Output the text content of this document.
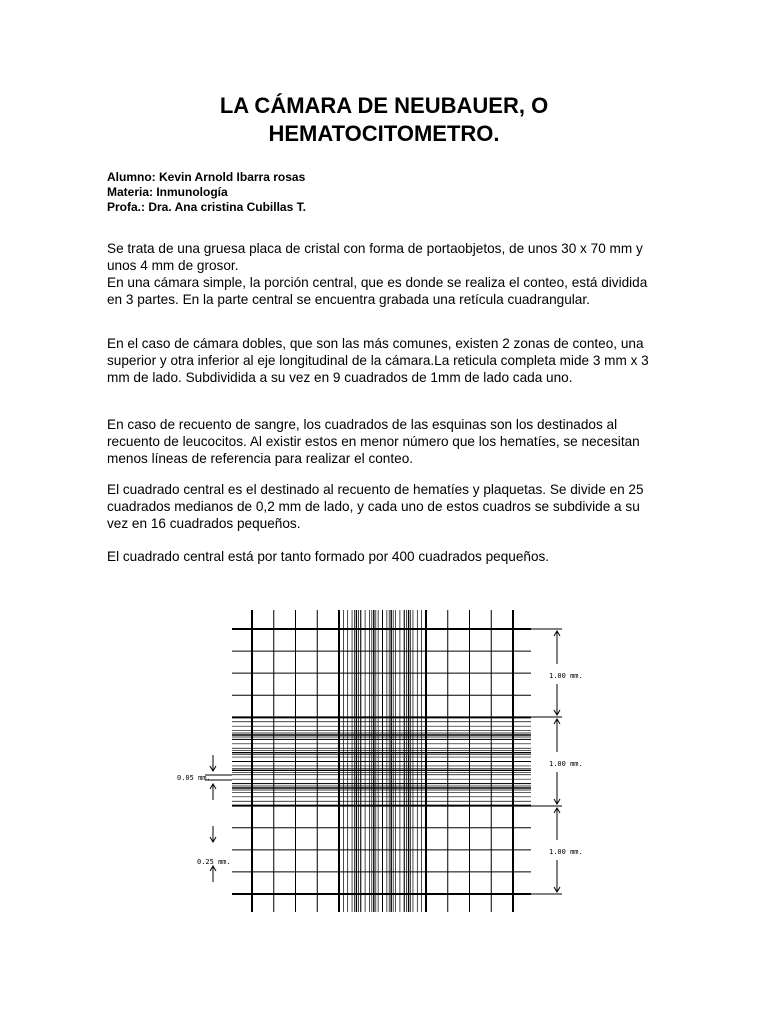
LA CÁMARA DE NEUBAUER, O
HEMATOCITOMETRO.
Alumno: Kevin Arnold Ibarra rosas
Materia: Inmunología
Profa.: Dra. Ana cristina Cubillas T.
Se trata de una gruesa placa de cristal con forma de portaobjetos, de unos 30 x 70 mm y
unos 4 mm de grosor.
En una cámara simple, la porción central, que es donde se realiza el conteo, está dividida
en 3 partes. En la parte central se encuentra grabada una retícula cuadrangular.
En el caso de cámara dobles, que son las más comunes, existen 2 zonas de conteo, una
superior y otra inferior al eje longitudinal de la cámara.La reticula completa mide 3 mm x 3
mm de lado. Subdividida a su vez en 9 cuadrados de 1mm de lado cada uno.
En caso de recuento de sangre, los cuadrados de las esquinas son los destinados al
recuento de leucocitos. Al existir estos en menor número que los hematíes, se necesitan
menos líneas de referencia para realizar el conteo.
El cuadrado central es el destinado al recuento de hematíes y plaquetas. Se divide en 25
cuadrados medianos de 0,2 mm de lado, y cada uno de estos cuadros se subdivide a su
vez en 16 cuadrados pequeños.
El cuadrado central está por tanto formado por 400 cuadrados pequeños.
1.00 mm.
1.00 mm.
1.00 mm.
0.05 mm.
0.25 mm.
